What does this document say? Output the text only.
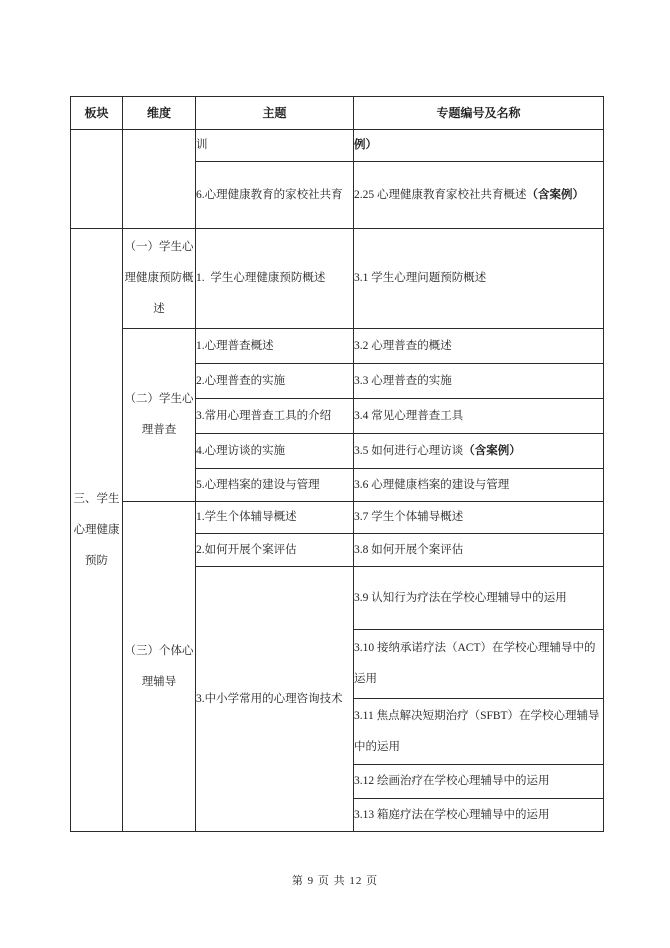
板块	维度	主题	专题编号及名称
		训	例）
		6.心理健康教育的家校社共育	2.25 心理健康教育家校社共育概述（含案例）
三、学生心理健康预防	（一）学生心理健康预防概述	1.  学生心理健康预防概述	3.1 学生心理问题预防概述
	（二）学生心理普查	1.心理普查概述	3.2 心理普查的概述
		2.心理普查的实施	3.3 心理普查的实施
		3.常用心理普查工具的介绍	3.4 常见心理普查工具
		4.心理访谈的实施	3.5 如何进行心理访谈（含案例）
		5.心理档案的建设与管理	3.6 心理健康档案的建设与管理
	（三）个体心理辅导	1.学生个体辅导概述	3.7 学生个体辅导概述
		2.如何开展个案评估	3.8 如何开展个案评估
		3.中小学常用的心理咨询技术	3.9 认知行为疗法在学校心理辅导中的运用
			3.10 接纳承诺疗法（ACT）在学校心理辅导中的运用
			3.11 焦点解决短期治疗（SFBT）在学校心理辅导中的运用
			3.12 绘画治疗在学校心理辅导中的运用
			3.13 箱庭疗法在学校心理辅导中的运用
第 9 页 共 12 页
